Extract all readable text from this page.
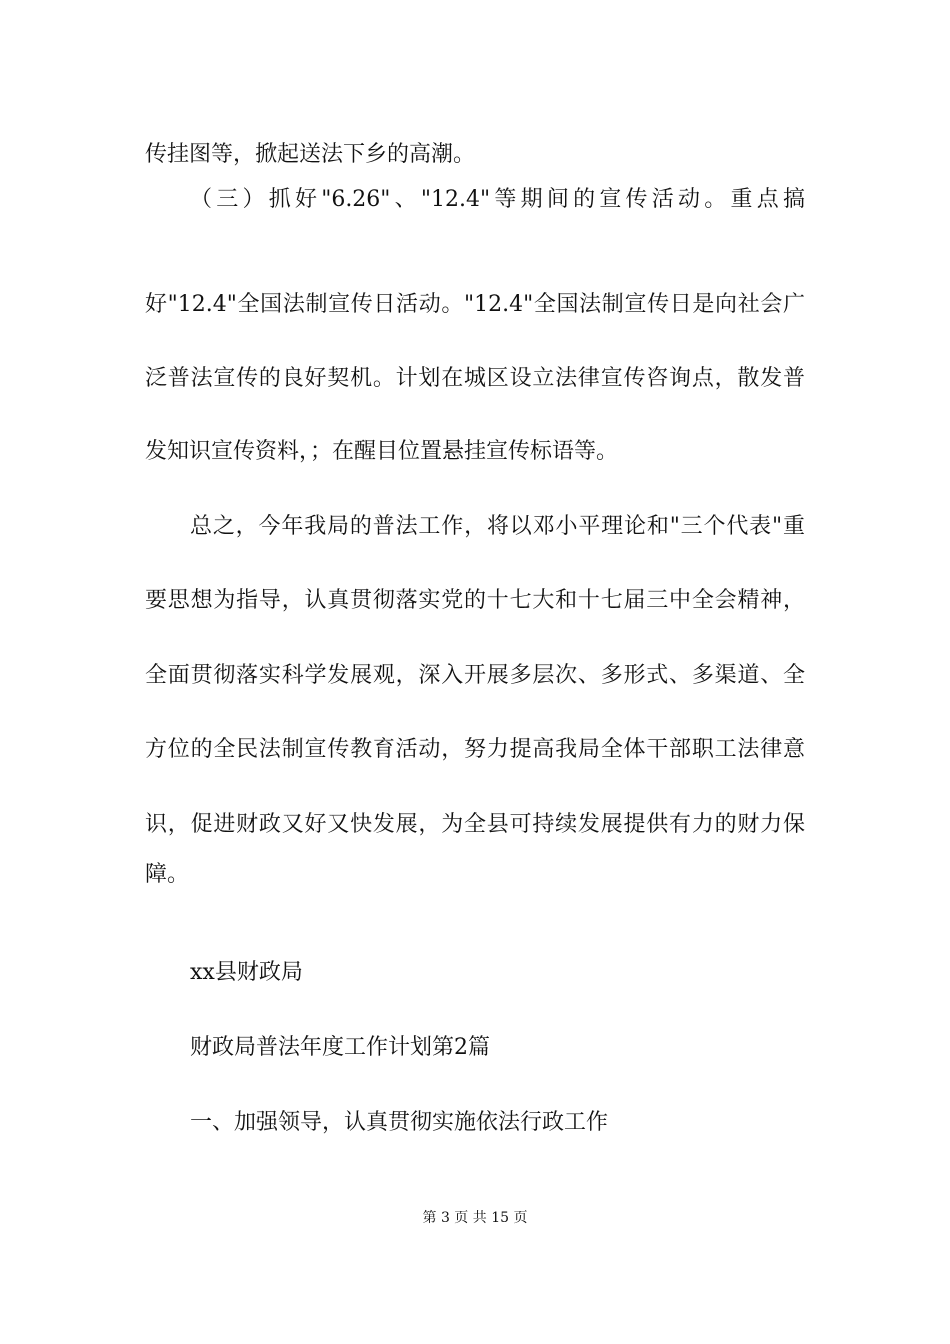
传挂图等，掀起送法下乡的高潮。
（三）抓好"6.26"、"12.4"等期间的宣传活动。重点搞
好"12.4"全国法制宣传日活动。"12.4"全国法制宣传日是向社会广
泛普法宣传的良好契机。计划在城区设立法律宣传咨询点，散发普
发知识宣传资料，；在醒目位置悬挂宣传标语等。
总之，今年我局的普法工作，将以邓小平理论和"三个代表"重
要思想为指导，认真贯彻落实党的十七大和十七届三中全会精神，
全面贯彻落实科学发展观，深入开展多层次、多形式、多渠道、全
方位的全民法制宣传教育活动，努力提高我局全体干部职工法律意
识，促进财政又好又快发展，为全县可持续发展提供有力的财力保
障。
xx县财政局
财政局普法年度工作计划第2篇
一、加强领导，认真贯彻实施依法行政工作
第 3 页 共 15 页
